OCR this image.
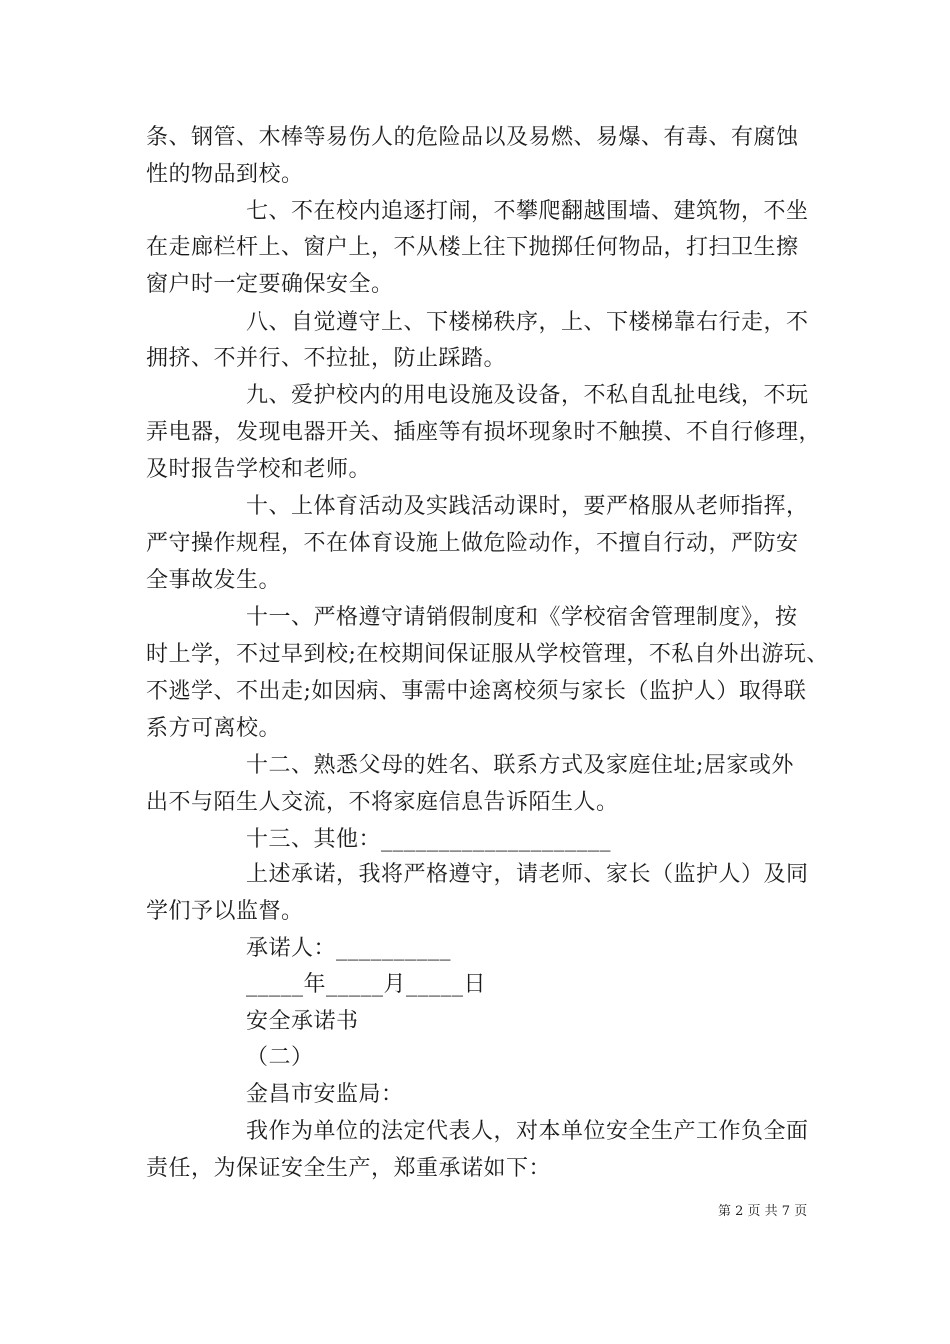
条、钢管、木棒等易伤人的危险品以及易燃、易爆、有毒、有腐蚀
性的物品到校。
七、不在校内追逐打闹，不攀爬翻越围墙、建筑物，不坐
在走廊栏杆上、窗户上，不从楼上往下抛掷任何物品，打扫卫生擦
窗户时一定要确保安全。
八、自觉遵守上、下楼梯秩序，上、下楼梯靠右行走，不
拥挤、不并行、不拉扯，防止踩踏。
九、爱护校内的用电设施及设备，不私自乱扯电线，不玩
弄电器，发现电器开关、插座等有损坏现象时不触摸、不自行修理，
及时报告学校和老师。
十、上体育活动及实践活动课时，要严格服从老师指挥，
严守操作规程，不在体育设施上做危险动作，不擅自行动，严防安
全事故发生。
十一、严格遵守请销假制度和《学校宿舍管理制度》，按
时上学，不过早到校;在校期间保证服从学校管理，不私自外出游玩、
不逃学、不出走;如因病、事需中途离校须与家长（监护人）取得联
系方可离校。
十二、熟悉父母的姓名、联系方式及家庭住址;居家或外
出不与陌生人交流，不将家庭信息告诉陌生人。
十三、其他：____________________
上述承诺，我将严格遵守，请老师、家长（监护人）及同
学们予以监督。
承诺人：__________
_____年_____月_____日
安全承诺书
（二）
金昌市安监局：
我作为单位的法定代表人，对本单位安全生产工作负全面
责任，为保证安全生产，郑重承诺如下：
第 2 页 共 7 页
